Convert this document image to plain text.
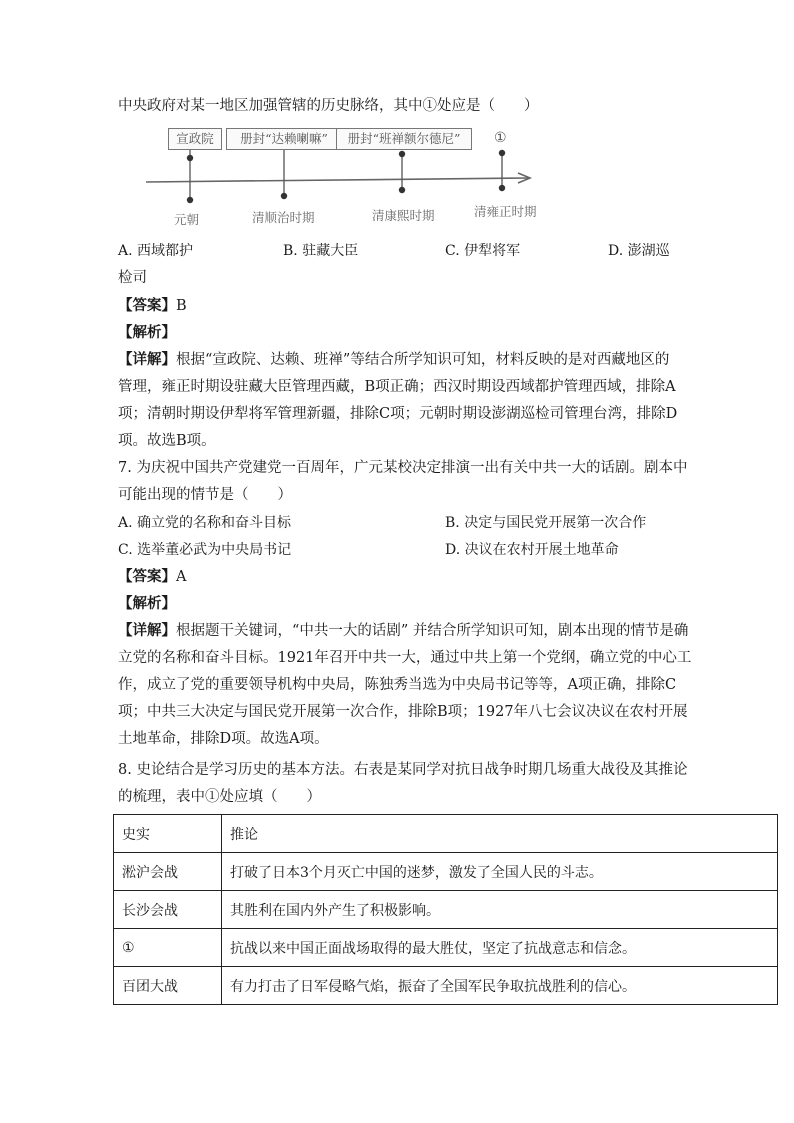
中央政府对某一地区加强管辖的历史脉络，其中①处应是（　　）
宣政院	册封“达赖喇嘛”	册封“班禅额尔德尼”	①
元朝	清顺治时期	清康熙时期	清雍正时期
A. 西域都护	B. 驻藏大臣	C. 伊犁将军	D. 澎湖巡
检司
【答案】B
【解析】
【详解】根据“宣政院、达赖、班禅”等结合所学知识可知，材料反映的是对西藏地区的
管理，雍正时期设驻藏大臣管理西藏，B项正确；西汉时期设西域都护管理西域，排除A
项；清朝时期设伊犁将军管理新疆，排除C项；元朝时期设澎湖巡检司管理台湾，排除D
项。故选B项。
7. 为庆祝中国共产党建党一百周年，广元某校决定排演一出有关中共一大的话剧。剧本中
可能出现的情节是（　　）
A. 确立党的名称和奋斗目标	B. 决定与国民党开展第一次合作
C. 选举董必武为中央局书记	D. 决议在农村开展土地革命
【答案】A
【解析】
【详解】根据题干关键词，“中共一大的话剧” 并结合所学知识可知，剧本出现的情节是确
立党的名称和奋斗目标。1921年召开中共一大，通过中共上第一个党纲，确立党的中心工
作，成立了党的重要领导机构中央局，陈独秀当选为中央局书记等等，A项正确，排除C
项；中共三大决定与国民党开展第一次合作，排除B项；1927年八七会议决议在农村开展
土地革命，排除D项。故选A项。
8. 史论结合是学习历史的基本方法。右表是某同学对抗日战争时期几场重大战役及其推论
的梳理，表中①处应填（　　）
史实	推论
淞沪会战	打破了日本3个月灭亡中国的迷梦，激发了全国人民的斗志。
长沙会战	其胜利在国内外产生了积极影响。
①	抗战以来中国正面战场取得的最大胜仗，坚定了抗战意志和信念。
百团大战	有力打击了日军侵略气焰，振奋了全国军民争取抗战胜利的信心。
